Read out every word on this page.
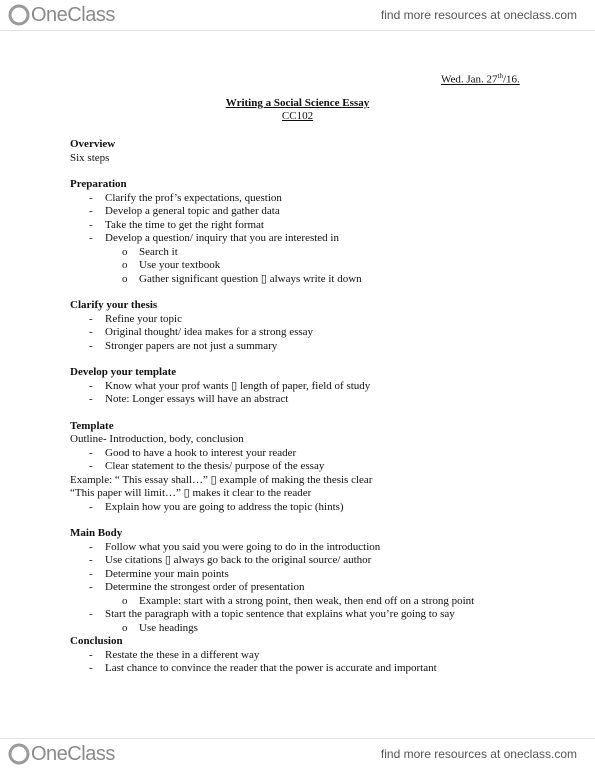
OneClass	find more resources at oneclass.com
Wed. Jan. 27th/16.
Writing a Social Science Essay
CC102
Overview
Six steps
Preparation
- Clarify the prof’s expectations, question
- Develop a general topic and gather data
- Take the time to get the right format
- Develop a question/ inquiry that you are interested in
o Search it
o Use your textbook
o Gather significant question ▯ always write it down
Clarify your thesis
- Refine your topic
- Original thought/ idea makes for a strong essay
- Stronger papers are not just a summary
Develop your template
- Know what your prof wants ▯ length of paper, field of study
- Note: Longer essays will have an abstract
Template
Outline- Introduction, body, conclusion
- Good to have a hook to interest your reader
- Clear statement to the thesis/ purpose of the essay
Example: “ This essay shall…” ▯ example of making the thesis clear
“This paper will limit…” ▯ makes it clear to the reader
- Explain how you are going to address the topic (hints)
Main Body
- Follow what you said you were going to do in the introduction
- Use citations ▯ always go back to the original source/ author
- Determine your main points
- Determine the strongest order of presentation
o Example: start with a strong point, then weak, then end off on a strong point
- Start the paragraph with a topic sentence that explains what you’re going to say
o Use headings
Conclusion
- Restate the these in a different way
- Last chance to convince the reader that the power is accurate and important
OneClass	find more resources at oneclass.com
